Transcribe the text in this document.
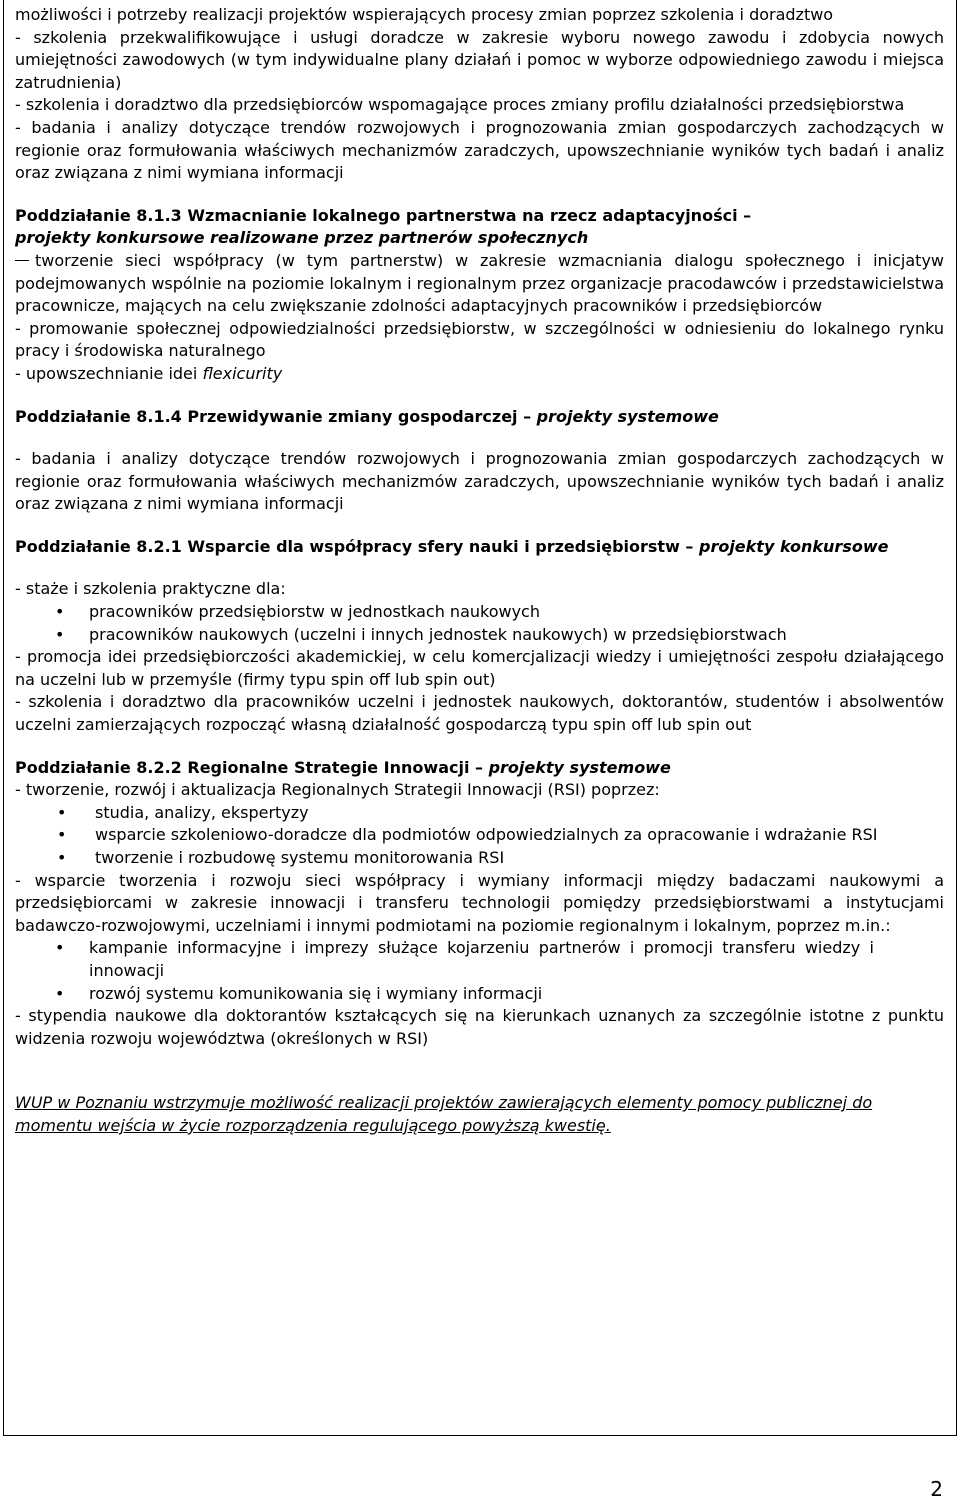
możliwości i potrzeby realizacji projektów wspierających procesy zmian poprzez szkolenia i doradztwo

- szkolenia przekwalifikowujące i usługi doradcze w zakresie wyboru nowego zawodu i zdobycia nowych umiejętności zawodowych (w tym indywidualne plany działań i pomoc w wyborze odpowiedniego zawodu i miejsca zatrudnienia)

- szkolenia i doradztwo dla przedsiębiorców wspomagające proces zmiany profilu działalności przedsiębiorstwa

- badania i analizy dotyczące trendów rozwojowych i prognozowania zmian gospodarczych zachodzących w regionie oraz formułowania właściwych mechanizmów zaradczych, upowszechnianie wyników tych badań i analiz oraz związana z nimi wymiana informacji

Poddziałanie 8.1.3 Wzmacnianie lokalnego partnerstwa na rzecz adaptacyjności –

projekty konkursowe realizowane przez partnerów społecznych

tworzenie sieci współpracy (w tym partnerstw) w zakresie wzmacniania dialogu społecznego i inicjatyw podejmowanych wspólnie na poziomie lokalnym i regionalnym przez organizacje pracodawców i przedstawicielstwa pracownicze, mających na celu zwiększanie zdolności adaptacyjnych pracowników i przedsiębiorców

- promowanie społecznej odpowiedzialności przedsiębiorstw, w szczególności w odniesieniu do lokalnego rynku pracy i środowiska naturalnego

- upowszechnianie idei flexicurity

Poddziałanie 8.1.4 Przewidywanie zmiany gospodarczej – projekty systemowe

- badania i analizy dotyczące trendów rozwojowych i prognozowania zmian gospodarczych zachodzących w regionie oraz formułowania właściwych mechanizmów zaradczych, upowszechnianie wyników tych badań i analiz oraz związana z nimi wymiana informacji

Poddziałanie 8.2.1 Wsparcie dla współpracy sfery nauki i przedsiębiorstw – projekty konkursowe

- staże i szkolenia praktyczne dla:

• pracowników przedsiębiorstw w jednostkach naukowych
• pracowników naukowych (uczelni i innych jednostek naukowych) w przedsiębiorstwach

- promocja idei przedsiębiorczości akademickiej, w celu komercjalizacji wiedzy i umiejętności zespołu działającego na uczelni lub w przemyśle (firmy typu spin off lub spin out)

- szkolenia i doradztwo dla pracowników uczelni i jednostek naukowych, doktorantów, studentów i absolwentów uczelni zamierzających rozpocząć własną działalność gospodarczą typu spin off lub spin out

Poddziałanie 8.2.2 Regionalne Strategie Innowacji – projekty systemowe

- tworzenie, rozwój i aktualizacja Regionalnych Strategii Innowacji (RSI) poprzez:

• studia, analizy, ekspertyzy
• wsparcie szkoleniowo-doradcze dla podmiotów odpowiedzialnych za opracowanie i wdrażanie RSI
• tworzenie i rozbudowę systemu monitorowania RSI

- wsparcie tworzenia i rozwoju sieci współpracy i wymiany informacji między badaczami naukowymi a przedsiębiorcami w zakresie innowacji i transferu technologii pomiędzy przedsiębiorstwami a instytucjami badawczo-rozwojowymi, uczelniami i innymi podmiotami na poziomie regionalnym i lokalnym, poprzez m.in.:

• kampanie informacyjne i imprezy służące kojarzeniu partnerów i promocji transferu wiedzy i innowacji
• rozwój systemu komunikowania się i wymiany informacji

- stypendia naukowe dla doktorantów kształcących się na kierunkach uznanych za szczególnie istotne z punktu widzenia rozwoju województwa (określonych w RSI)

WUP w Poznaniu wstrzymuje możliwość realizacji projektów zawierających elementy pomocy publicznej do momentu wejścia w życie rozporządzenia regulującego powyższą kwestię.

2
